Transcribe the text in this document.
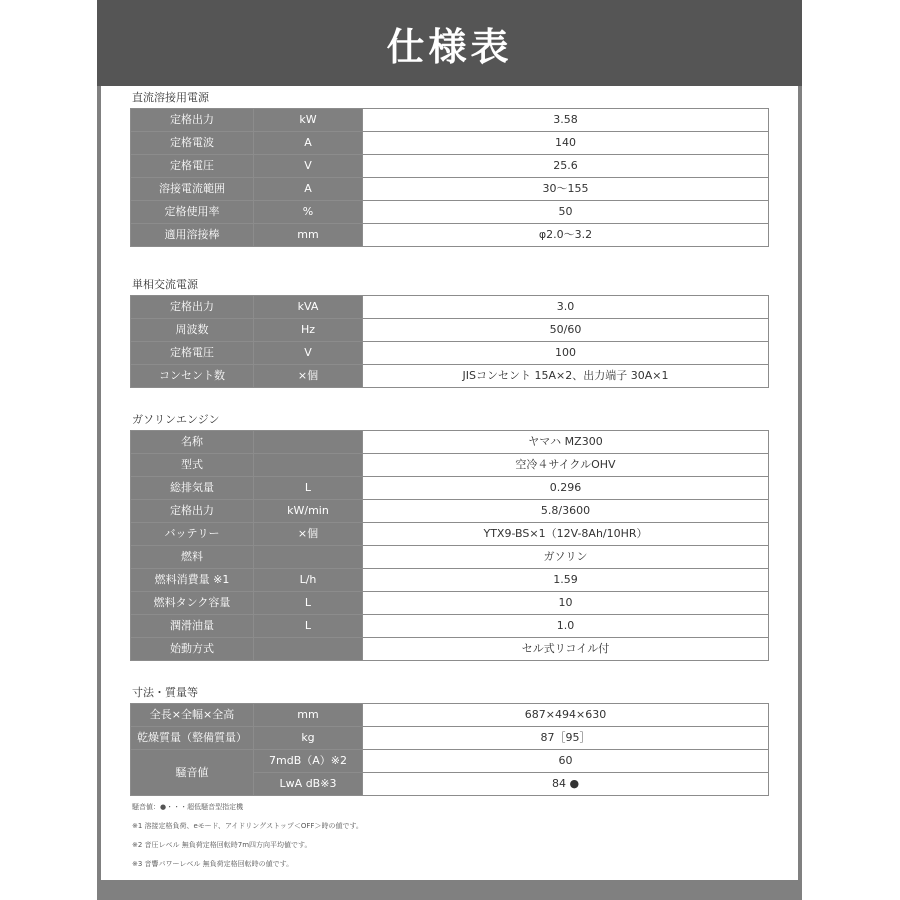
仕様表
直流溶接用電源
定格出力	kW	3.58
定格電波	A	140
定格電圧	V	25.6
溶接電流範囲	A	30～155
定格使用率	%	50
適用溶接棒	mm	φ2.0～3.2
単相交流電源
定格出力	kVA	3.0
周波数	Hz	50/60
定格電圧	V	100
コンセント数	×個	JISコンセント 15A×2、出力端子 30A×1
ガソリンエンジン
名称		ヤマハ MZ300
型式		空冷４サイクルOHV
総排気量	L	0.296
定格出力	kW/min	5.8/3600
バッテリー	×個	YTX9-BS×1（12V-8Ah/10HR）
燃料		ガソリン
燃料消費量 ※1	L/h	1.59
燃料タンク容量	L	10
潤滑油量	L	1.0
始動方式		セル式リコイル付
寸法・質量等
全長×全幅×全高	mm	687×494×630
乾燥質量（整備質量）	kg	87［95］
騒音値	7mdB（A）※2	60
	LwA dB※3	84 ●
騒音値：●・・・超低騒音型指定機
※1 溶接定格負荷、eモード、アイドリングストップ＜OFF＞時の値です。
※2 音圧レベル 無負荷定格回転時7m四方向平均値です。
※3 音響パワーレベル 無負荷定格回転時の値です。
